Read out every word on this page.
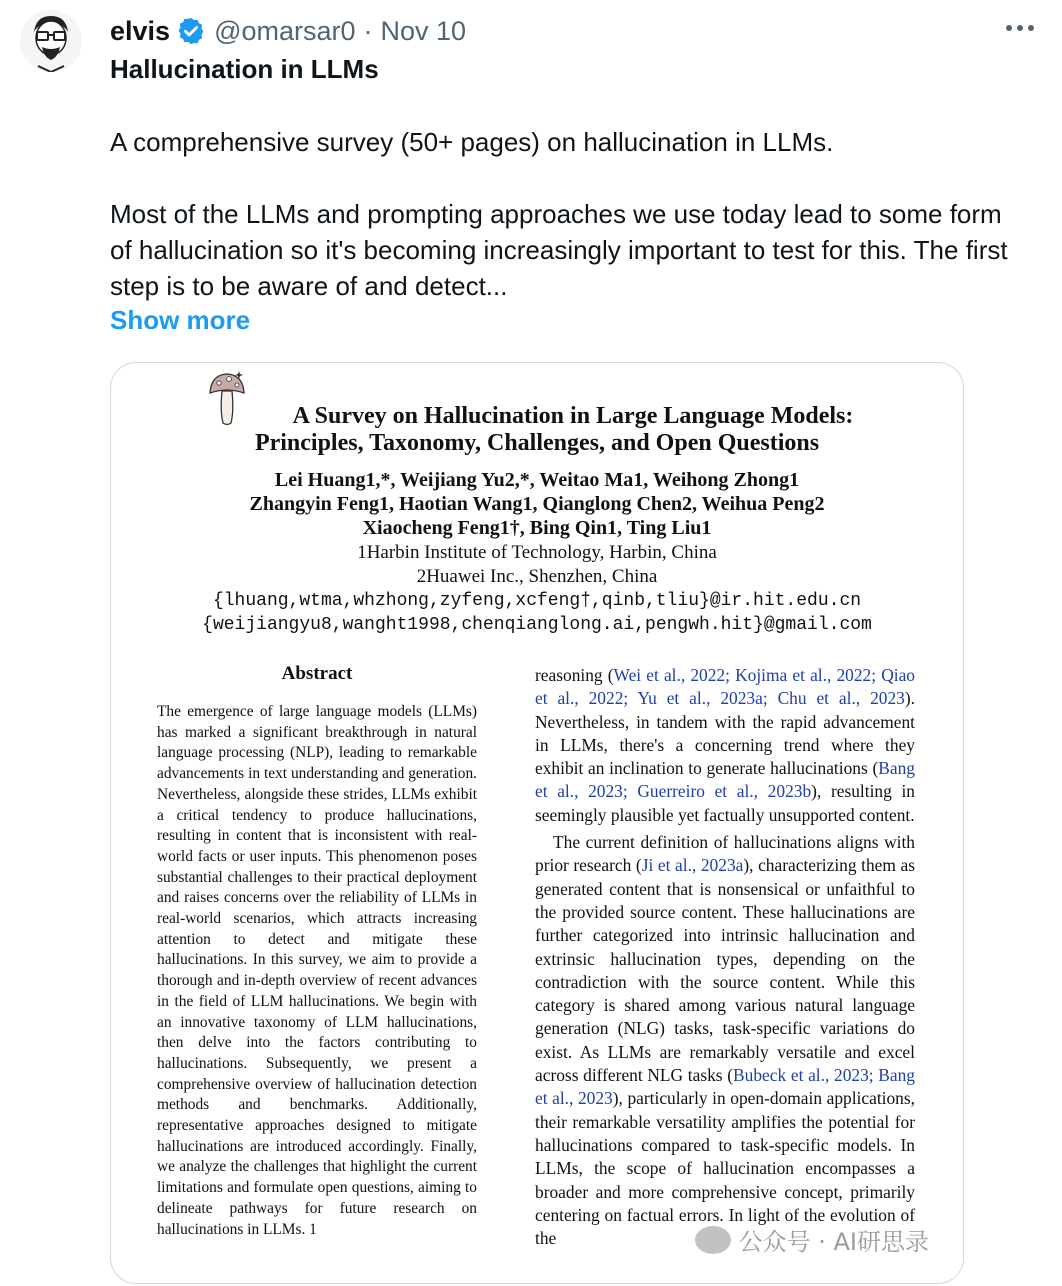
elvis @omarsar0 · Nov 10
Hallucination in LLMs
A comprehensive survey (50+ pages) on hallucination in LLMs.
Most of the LLMs and prompting approaches we use today lead to some form of hallucination so it's becoming increasingly important to test for this. The first step is to be aware of and detect...
Show more
A Survey on Hallucination in Large Language Models:
Principles, Taxonomy, Challenges, and Open Questions
Lei Huang1,*, Weijiang Yu2,*, Weitao Ma1, Weihong Zhong1
Zhangyin Feng1, Haotian Wang1, Qianglong Chen2, Weihua Peng2
Xiaocheng Feng1†, Bing Qin1, Ting Liu1
1Harbin Institute of Technology, Harbin, China
2Huawei Inc., Shenzhen, China
{lhuang,wtma,whzhong,zyfeng,xcfeng†,qinb,tliu}@ir.hit.edu.cn
{weijiangyu8,wanght1998,chenqianglong.ai,pengwh.hit}@gmail.com
Abstract
The emergence of large language models (LLMs) has marked a significant breakthrough in natural language processing (NLP), leading to remarkable advancements in text understanding and generation. Nevertheless, alongside these strides, LLMs exhibit a critical tendency to produce hallucinations, resulting in content that is inconsistent with real-world facts or user inputs. This phenomenon poses substantial challenges to their practical deployment and raises concerns over the reliability of LLMs in real-world scenarios, which attracts increasing attention to detect and mitigate these hallucinations. In this survey, we aim to provide a thorough and in-depth overview of recent advances in the field of LLM hallucinations. We begin with an innovative taxonomy of LLM hallucinations, then delve into the factors contributing to hallucinations. Subsequently, we present a comprehensive overview of hallucination detection methods and benchmarks. Additionally, representative approaches designed to mitigate hallucinations are introduced accordingly. Finally, we analyze the challenges that highlight the current limitations and formulate open questions, aiming to delineate pathways for future research on hallucinations in LLMs. 1
reasoning (Wei et al., 2022; Kojima et al., 2022; Qiao et al., 2022; Yu et al., 2023a; Chu et al., 2023). Nevertheless, in tandem with the rapid advancement in LLMs, there's a concerning trend where they exhibit an inclination to generate hallucinations (Bang et al., 2023; Guerreiro et al., 2023b), resulting in seemingly plausible yet factually unsupported content.
The current definition of hallucinations aligns with prior research (Ji et al., 2023a), characterizing them as generated content that is nonsensical or unfaithful to the provided source content. These hallucinations are further categorized into intrinsic hallucination and extrinsic hallucination types, depending on the contradiction with the source content. While this category is shared among various natural language generation (NLG) tasks, task-specific variations do exist. As LLMs are remarkably versatile and excel across different NLG tasks (Bubeck et al., 2023; Bang et al., 2023), particularly in open-domain applications, their remarkable versatility amplifies the potential for hallucinations compared to task-specific models. In LLMs, the scope of hallucination encompasses a broader and more comprehensive concept, primarily centering on factual errors. In light of the evolution of the	公众号 · AI研思录
